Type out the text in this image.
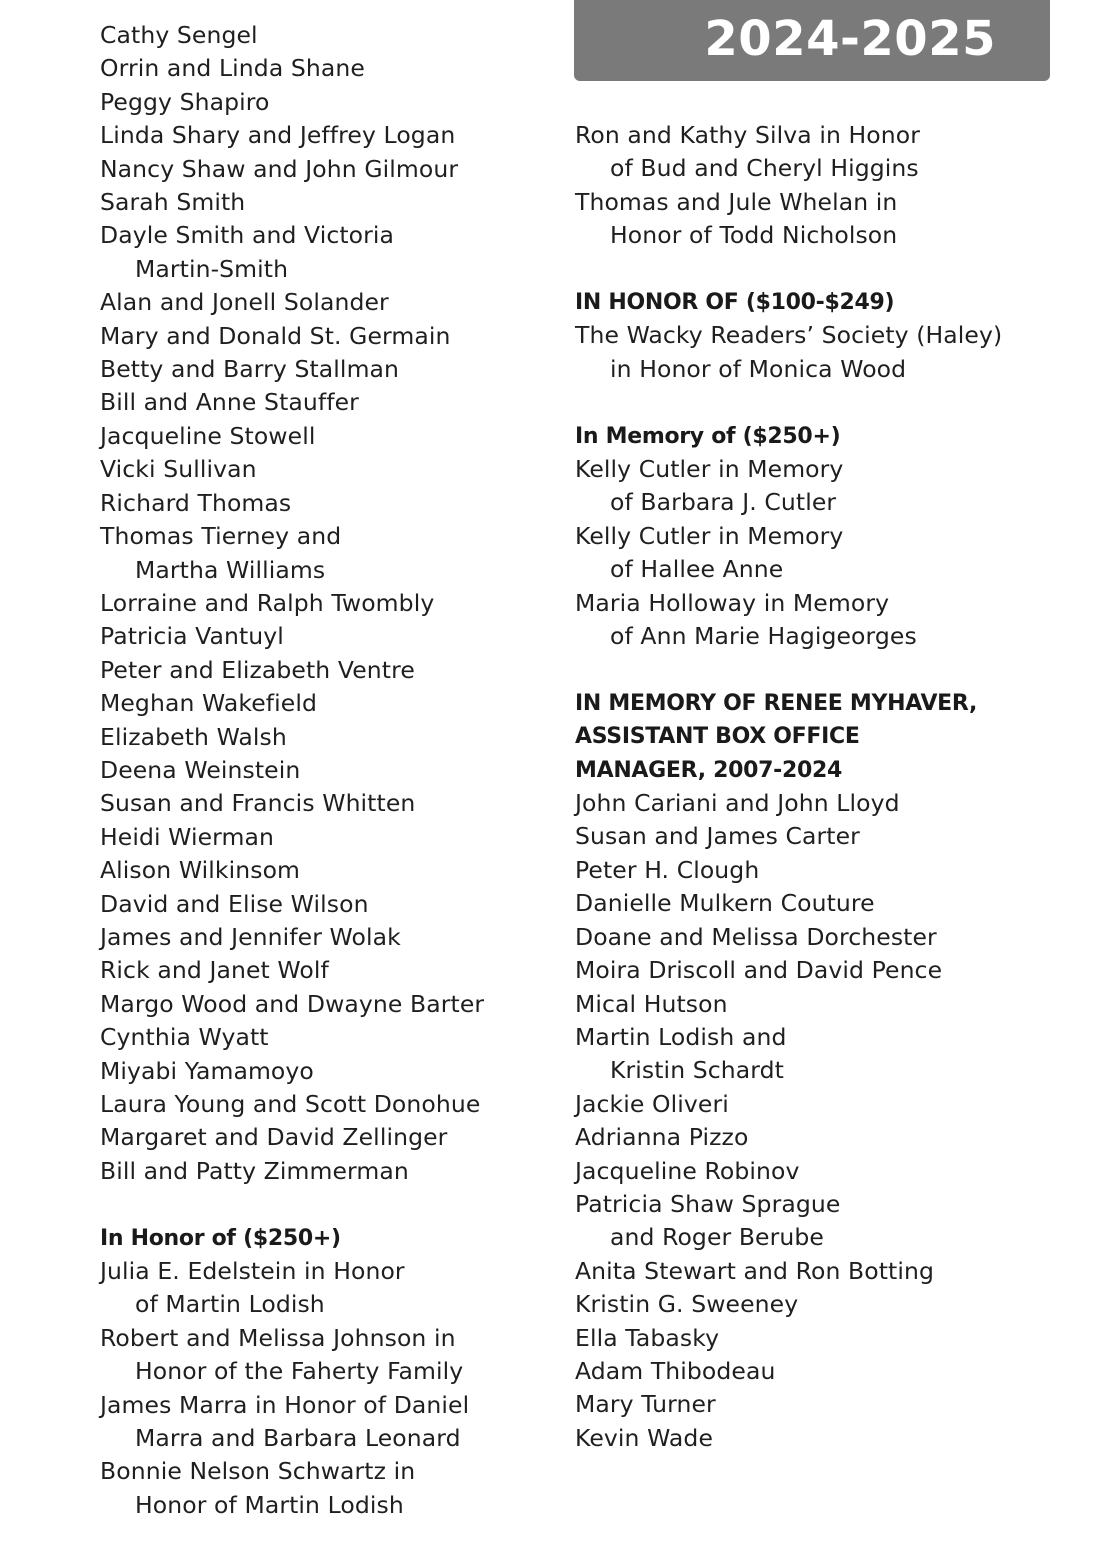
2024-2025
Cathy Sengel
Orrin and Linda Shane
Peggy Shapiro
Linda Shary and Jeffrey Logan
Nancy Shaw and John Gilmour
Sarah Smith
Dayle Smith and Victoria
Martin-Smith
Alan and Jonell Solander
Mary and Donald St. Germain
Betty and Barry Stallman
Bill and Anne Stauffer
Jacqueline Stowell
Vicki Sullivan
Richard Thomas
Thomas Tierney and
Martha Williams
Lorraine and Ralph Twombly
Patricia Vantuyl
Peter and Elizabeth Ventre
Meghan Wakefield
Elizabeth Walsh
Deena Weinstein
Susan and Francis Whitten
Heidi Wierman
Alison Wilkinsom
David and Elise Wilson
James and Jennifer Wolak
Rick and Janet Wolf
Margo Wood and Dwayne Barter
Cynthia Wyatt
Miyabi Yamamoyo
Laura Young and Scott Donohue
Margaret and David Zellinger
Bill and Patty Zimmerman
In Honor of ($250+)
Julia E. Edelstein in Honor
of Martin Lodish
Robert and Melissa Johnson in
Honor of the Faherty Family
James Marra in Honor of Daniel
Marra and Barbara Leonard
Bonnie Nelson Schwartz in
Honor of Martin Lodish
Ron and Kathy Silva in Honor
of Bud and Cheryl Higgins
Thomas and Jule Whelan in
Honor of Todd Nicholson
IN HONOR OF ($100-$249)
The Wacky Readers’ Society (Haley)
in Honor of Monica Wood
In Memory of ($250+)
Kelly Cutler in Memory
of Barbara J. Cutler
Kelly Cutler in Memory
of Hallee Anne
Maria Holloway in Memory
of Ann Marie Hagigeorges
IN MEMORY OF RENEE MYHAVER,
ASSISTANT BOX OFFICE
MANAGER, 2007-2024
John Cariani and John Lloyd
Susan and James Carter
Peter H. Clough
Danielle Mulkern Couture
Doane and Melissa Dorchester
Moira Driscoll and David Pence
Mical Hutson
Martin Lodish and
Kristin Schardt
Jackie Oliveri
Adrianna Pizzo
Jacqueline Robinov
Patricia Shaw Sprague
and Roger Berube
Anita Stewart and Ron Botting
Kristin G. Sweeney
Ella Tabasky
Adam Thibodeau
Mary Turner
Kevin Wade
